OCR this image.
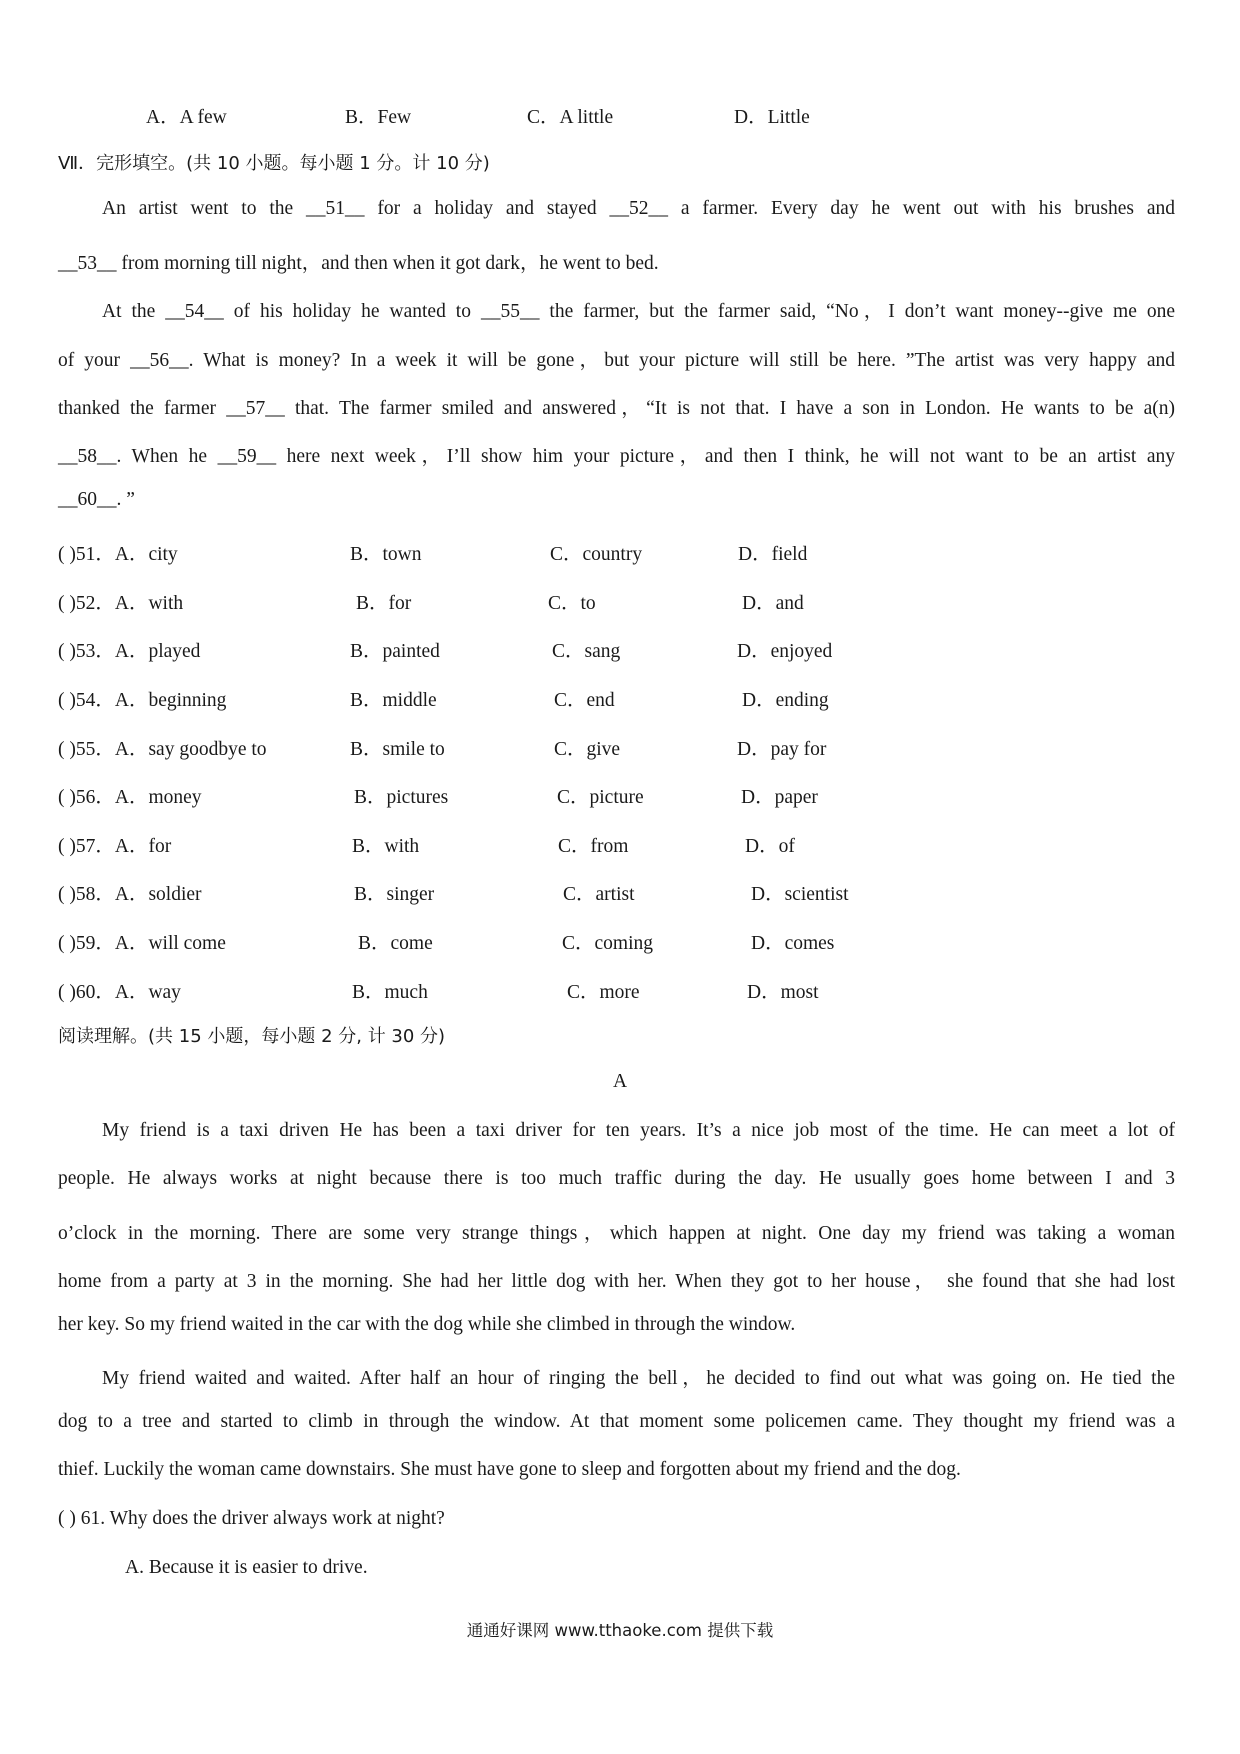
A．A few	B．Few	C．A little	D．Little
Ⅶ．完形填空。(共 10 小题。每小题 1 分。计 10 分)
An artist went to the __51__ for a holiday and stayed __52__ a farmer. Every day he went out with his brushes and
__53__ from morning till night，and then when it got dark，he went to bed.
At the __54__ of his holiday he wanted to __55__ the farmer, but the farmer said, “No，I don’t want money--give me one
of your __56__. What is money? In a week it will be gone，but your picture will still be here. ”The artist was very happy and
thanked the farmer __57__ that. The farmer smiled and answered，“It is not that. I have a son in London. He wants to be a(n)
__58__. When he __59__ here next week，I’ll show him your picture，and then I think, he will not want to be an artist any
__60__. ”
( )51．A．city	B．town	C．country	D．field
( )52．A．with	B．for	C．to	D．and
( )53．A．played	B．painted	C．sang	D．enjoyed
( )54．A．beginning	B．middle	C．end	D．ending
( )55．A．say goodbye to	B．smile to	C．give	D．pay for
( )56．A．money	B．pictures	C．picture	D．paper
( )57．A．for	B．with	C．from	D．of
( )58．A．soldier	B．singer	C．artist	D．scientist
( )59．A．will come	B．come	C．coming	D．comes
( )60．A．way	B．much	C．more	D．most
阅读理解。(共 15 小题，每小题 2 分, 计 30 分)
A
My friend is a taxi driven He has been a taxi driver for ten years. It’s a nice job most of the time. He can meet a lot of
people. He always works at night because there is too much traffic during the day. He usually goes home between I and 3
o’clock in the morning. There are some very strange things，which happen at night. One day my friend was taking a woman
home from a party at 3 in the morning. She had her little dog with her. When they got to her house， she found that she had lost
her key. So my friend waited in the car with the dog while she climbed in through the window.
My friend waited and waited. After half an hour of ringing the bell，he decided to find out what was going on. He tied the
dog to a tree and started to climb in through the window. At that moment some policemen came. They thought my friend was a
thief. Luckily the woman came downstairs. She must have gone to sleep and forgotten about my friend and the dog.
( ) 61. Why does the driver always work at night?
A. Because it is easier to drive.
通通好课网 www.tthaoke.com 提供下载
